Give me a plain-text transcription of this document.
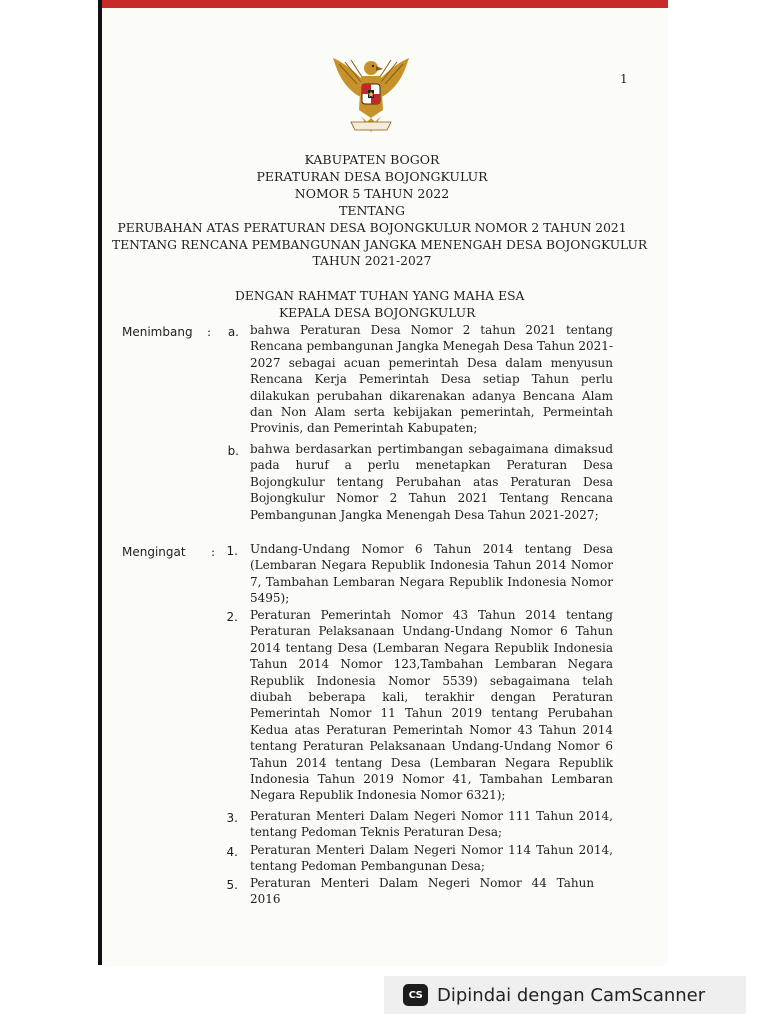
1
KABUPATEN BOGOR
PERATURAN DESA BOJONGKULUR
NOMOR 5 TAHUN 2022
TENTANG
PERUBAHAN ATAS PERATURAN DESA BOJONGKULUR NOMOR 2 TAHUN 2021
TENTANG RENCANA PEMBANGUNAN JANGKA MENENGAH DESA BOJONGKULUR
TAHUN 2021-2027
DENGAN RAHMAT TUHAN YANG MAHA ESA
KEPALA DESA BOJONGKULUR
Menimbang :	a. bahwa Peraturan Desa Nomor 2 tahun 2021 tentang Rencana pembangunan Jangka Menegah Desa Tahun 2021-2027 sebagai acuan pemerintah Desa dalam menyusun Rencana Kerja Pemerintah Desa setiap Tahun perlu dilakukan perubahan dikarenakan adanya Bencana Alam dan Non Alam serta kebijakan pemerintah, Permeintah Provinis, dan Pemerintah Kabupaten;
b. bahwa berdasarkan pertimbangan sebagaimana dimaksud pada huruf a perlu menetapkan Peraturan Desa Bojongkulur tentang Perubahan atas Peraturan Desa Bojongkulur Nomor 2 Tahun 2021 Tentang Rencana Pembangunan Jangka Menengah Desa Tahun 2021-2027;
Mengingat : 1. Undang-Undang Nomor 6 Tahun 2014 tentang Desa (Lembaran Negara Republik Indonesia Tahun 2014 Nomor 7, Tambahan Lembaran Negara Republik Indonesia Nomor 5495);
2. Peraturan Pemerintah Nomor 43 Tahun 2014 tentang Peraturan Pelaksanaan Undang-Undang Nomor 6 Tahun 2014 tentang Desa (Lembaran Negara Republik Indonesia Tahun 2014 Nomor 123,Tambahan Lembaran Negara Republik Indonesia Nomor 5539) sebagaimana telah diubah beberapa kali, terakhir dengan Peraturan Pemerintah Nomor 11 Tahun 2019 tentang Perubahan Kedua atas Peraturan Pemerintah Nomor 43 Tahun 2014 tentang Peraturan Pelaksanaan Undang-Undang Nomor 6 Tahun 2014 tentang Desa (Lembaran Negara Republik Indonesia Tahun 2019 Nomor 41, Tambahan Lembaran Negara Republik Indonesia Nomor 6321);
3. Peraturan Menteri Dalam Negeri Nomor 111 Tahun 2014, tentang Pedoman Teknis Peraturan Desa;
4. Peraturan Menteri Dalam Negeri Nomor 114 Tahun 2014, tentang Pedoman Pembangunan Desa;
5. Peraturan Menteri Dalam Negeri Nomor 44 Tahun 2016
CS Dipindai dengan CamScanner
